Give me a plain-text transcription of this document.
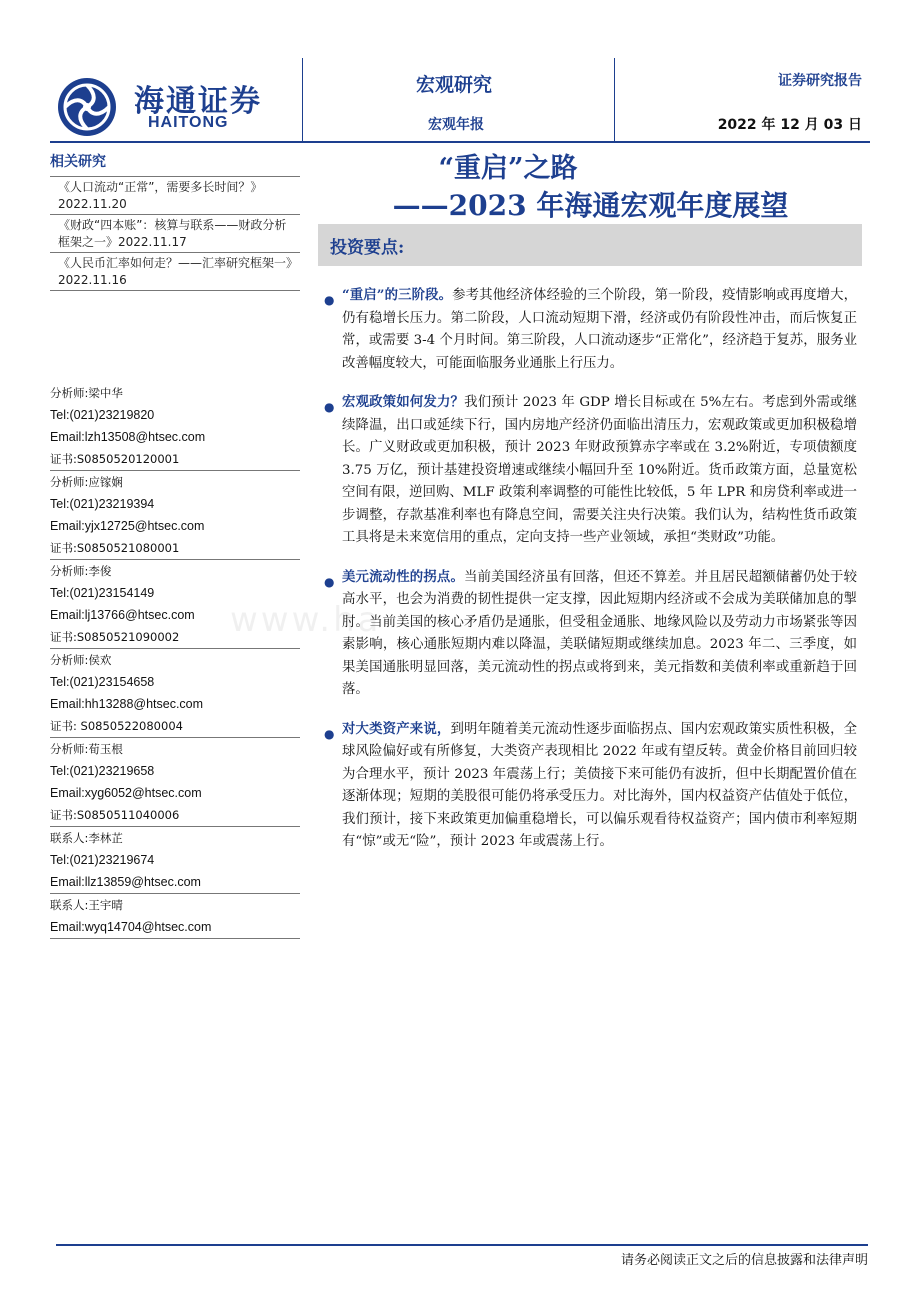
海通证券
HAITONG
宏观研究
宏观年报
证券研究报告
2022 年 12 月 03 日
相关研究
《人口流动“正常”，需要多长时间？》2022.11.20
《财政“四本账”：核算与联系——财政分析框架之一》2022.11.17
《人民币汇率如何走？——汇率研究框架一》2022.11.16
分析师:梁中华
Tel:(021)23219820
Email:lzh13508@htsec.com
证书:S0850520120001
分析师:应镓娴
Tel:(021)23219394
Email:yjx12725@htsec.com
证书:S0850521080001
分析师:李俊
Tel:(021)23154149
Email:lj13766@htsec.com
证书:S0850521090002
分析师:侯欢
Tel:(021)23154658
Email:hh13288@htsec.com
证书: S0850522080004
分析师:荀玉根
Tel:(021)23219658
Email:xyg6052@htsec.com
证书:S0850511040006
联系人:李林芷
Tel:(021)23219674
Email:llz13859@htsec.com
联系人:王宇晴
Email:wyq14704@htsec.com
“重启”之路
——2023 年海通宏观年度展望
投资要点:
● “重启”的三阶段。参考其他经济体经验的三个阶段，第一阶段，疫情影响或再度增大，仍有稳增长压力。第二阶段，人口流动短期下滑，经济或仍有阶段性冲击，而后恢复正常，或需要 3-4 个月时间。第三阶段，人口流动逐步“正常化”，经济趋于复苏，服务业改善幅度较大，可能面临服务业通胀上行压力。
● 宏观政策如何发力？我们预计 2023 年 GDP 增长目标或在 5%左右。考虑到外需或继续降温，出口或延续下行，国内房地产经济仍面临出清压力，宏观政策或更加积极稳增长。广义财政或更加积极，预计 2023 年财政预算赤字率或在 3.2%附近，专项债额度 3.75 万亿，预计基建投资增速或继续小幅回升至 10%附近。货币政策方面，总量宽松空间有限，逆回购、MLF 政策利率调整的可能性比较低，5 年 LPR 和房贷利率或进一步调整，存款基准利率也有降息空间，需要关注央行决策。我们认为，结构性货币政策工具将是未来宽信用的重点，定向支持一些产业领域，承担“类财政”功能。
● 美元流动性的拐点。当前美国经济虽有回落，但还不算差。并且居民超额储蓄仍处于较高水平，也会为消费的韧性提供一定支撑，因此短期内经济或不会成为美联储加息的掣肘。当前美国的核心矛盾仍是通胀，但受租金通胀、地缘风险以及劳动力市场紧张等因素影响，核心通胀短期内难以降温，美联储短期或继续加息。2023 年二、三季度，如果美国通胀明显回落，美元流动性的拐点或将到来，美元指数和美债利率或重新趋于回落。
● 对大类资产来说，到明年随着美元流动性逐步面临拐点、国内宏观政策实质性积极，全球风险偏好或有所修复，大类资产表现相比 2022 年或有望反转。黄金价格目前回归较为合理水平，预计 2023 年震荡上行；美债接下来可能仍有波折，但中长期配置价值在逐渐体现；短期的美股很可能仍将承受压力。对比海外，国内权益资产估值处于低位，我们预计，接下来政策更加偏重稳增长，可以偏乐观看待权益资产；国内债市利率短期有“惊”或无“险”，预计 2023 年或震荡上行。
www.ha
请务必阅读正文之后的信息披露和法律声明
